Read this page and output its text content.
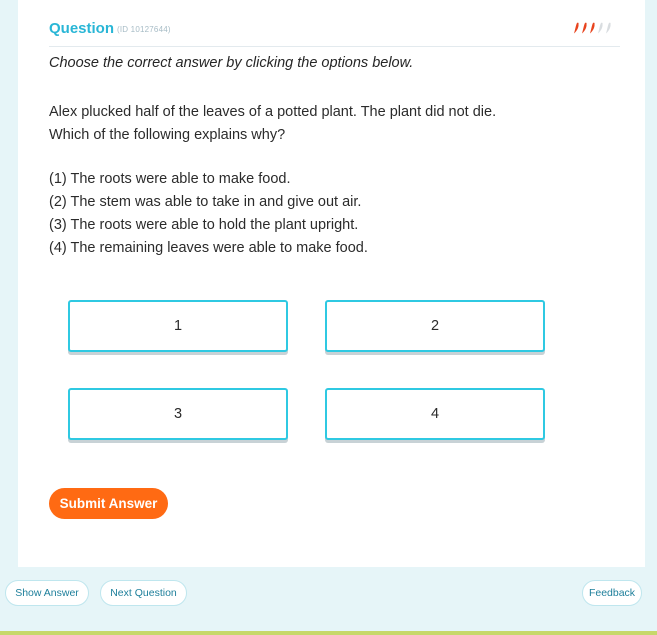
Question (ID 10127644)
Choose the correct answer by clicking the options below.
Alex plucked half of the leaves of a potted plant. The plant did not die.
Which of the following explains why?
(1) The roots were able to make food.
(2) The stem was able to take in and give out air.
(3) The roots were able to hold the plant upright.
(4) The remaining leaves were able to make food.
1	2
3	4
Submit Answer
Show Answer	Next Question	Feedback
